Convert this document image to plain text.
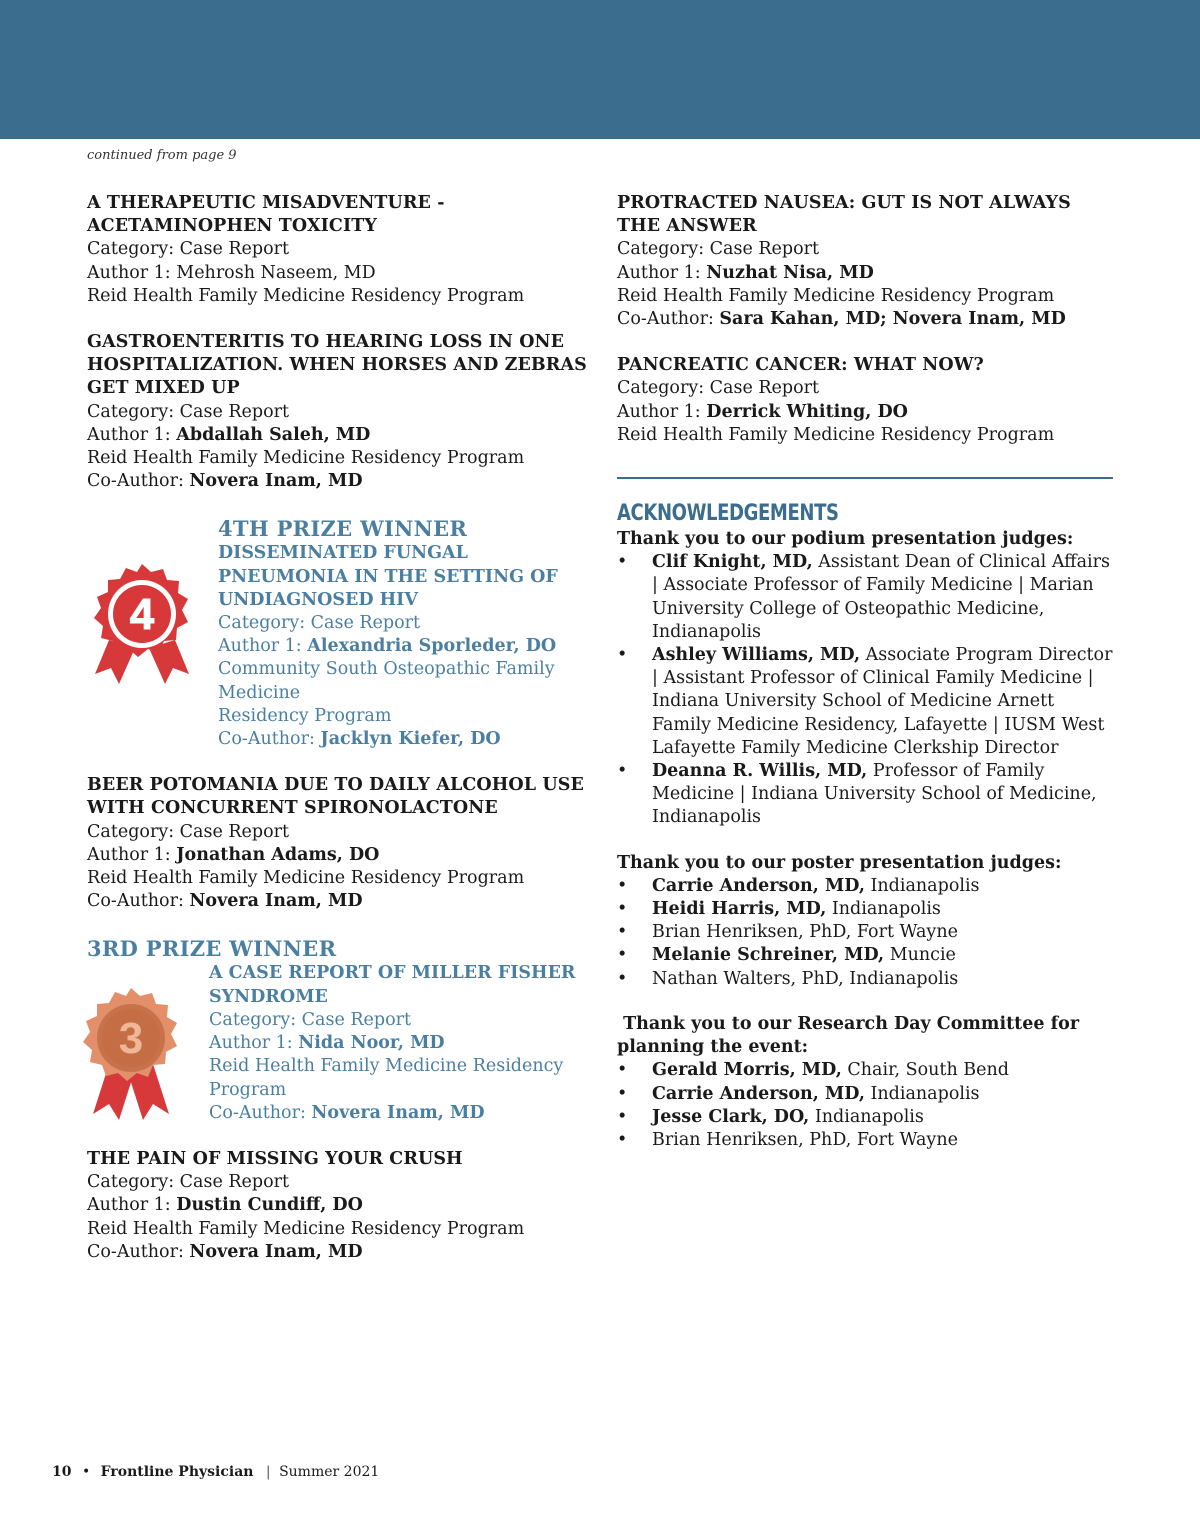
continued from page 9
A THERAPEUTIC MISADVENTURE - ACETAMINOPHEN TOXICITY
Category: Case Report
Author 1: Mehrosh Naseem, MD
Reid Health Family Medicine Residency Program
GASTROENTERITIS TO HEARING LOSS IN ONE HOSPITALIZATION. WHEN HORSES AND ZEBRAS GET MIXED UP
Category: Case Report
Author 1: Abdallah Saleh, MD
Reid Health Family Medicine Residency Program
Co-Author: Novera Inam, MD
4TH PRIZE WINNER
4
DISSEMINATED FUNGAL PNEUMONIA IN THE SETTING OF UNDIAGNOSED HIV
Category: Case Report
Author 1: Alexandria Sporleder, DO
Community South Osteopathic Family Medicine
Residency Program
Co-Author: Jacklyn Kiefer, DO
BEER POTOMANIA DUE TO DAILY ALCOHOL USE WITH CONCURRENT SPIRONOLACTONE
Category: Case Report
Author 1: Jonathan Adams, DO
Reid Health Family Medicine Residency Program
Co-Author: Novera Inam, MD
3RD PRIZE WINNER
3
A CASE REPORT OF MILLER FISHER SYNDROME
Category: Case Report
Author 1: Nida Noor, MD
Reid Health Family Medicine Residency Program
Co-Author: Novera Inam, MD
THE PAIN OF MISSING YOUR CRUSH
Category: Case Report
Author 1: Dustin Cundiff, DO
Reid Health Family Medicine Residency Program
Co-Author: Novera Inam, MD
PROTRACTED NAUSEA: GUT IS NOT ALWAYS THE ANSWER
Category: Case Report
Author 1: Nuzhat Nisa, MD
Reid Health Family Medicine Residency Program
Co-Author: Sara Kahan, MD; Novera Inam, MD
PANCREATIC CANCER: WHAT NOW?
Category: Case Report
Author 1: Derrick Whiting, DO
Reid Health Family Medicine Residency Program
ACKNOWLEDGEMENTS
Thank you to our podium presentation judges:
• Clif Knight, MD, Assistant Dean of Clinical Affairs | Associate Professor of Family Medicine | Marian University College of Osteopathic Medicine, Indianapolis
• Ashley Williams, MD, Associate Program Director | Assistant Professor of Clinical Family Medicine | Indiana University School of Medicine Arnett Family Medicine Residency, Lafayette | IUSM West Lafayette Family Medicine Clerkship Director
• Deanna R. Willis, MD, Professor of Family Medicine | Indiana University School of Medicine, Indianapolis
Thank you to our poster presentation judges:
• Carrie Anderson, MD, Indianapolis
• Heidi Harris, MD, Indianapolis
• Brian Henriksen, PhD, Fort Wayne
• Melanie Schreiner, MD, Muncie
• Nathan Walters, PhD, Indianapolis
Thank you to our Research Day Committee for planning the event:
• Gerald Morris, MD, Chair, South Bend
• Carrie Anderson, MD, Indianapolis
• Jesse Clark, DO, Indianapolis
• Brian Henriksen, PhD, Fort Wayne
10 • Frontline Physician | Summer 2021
